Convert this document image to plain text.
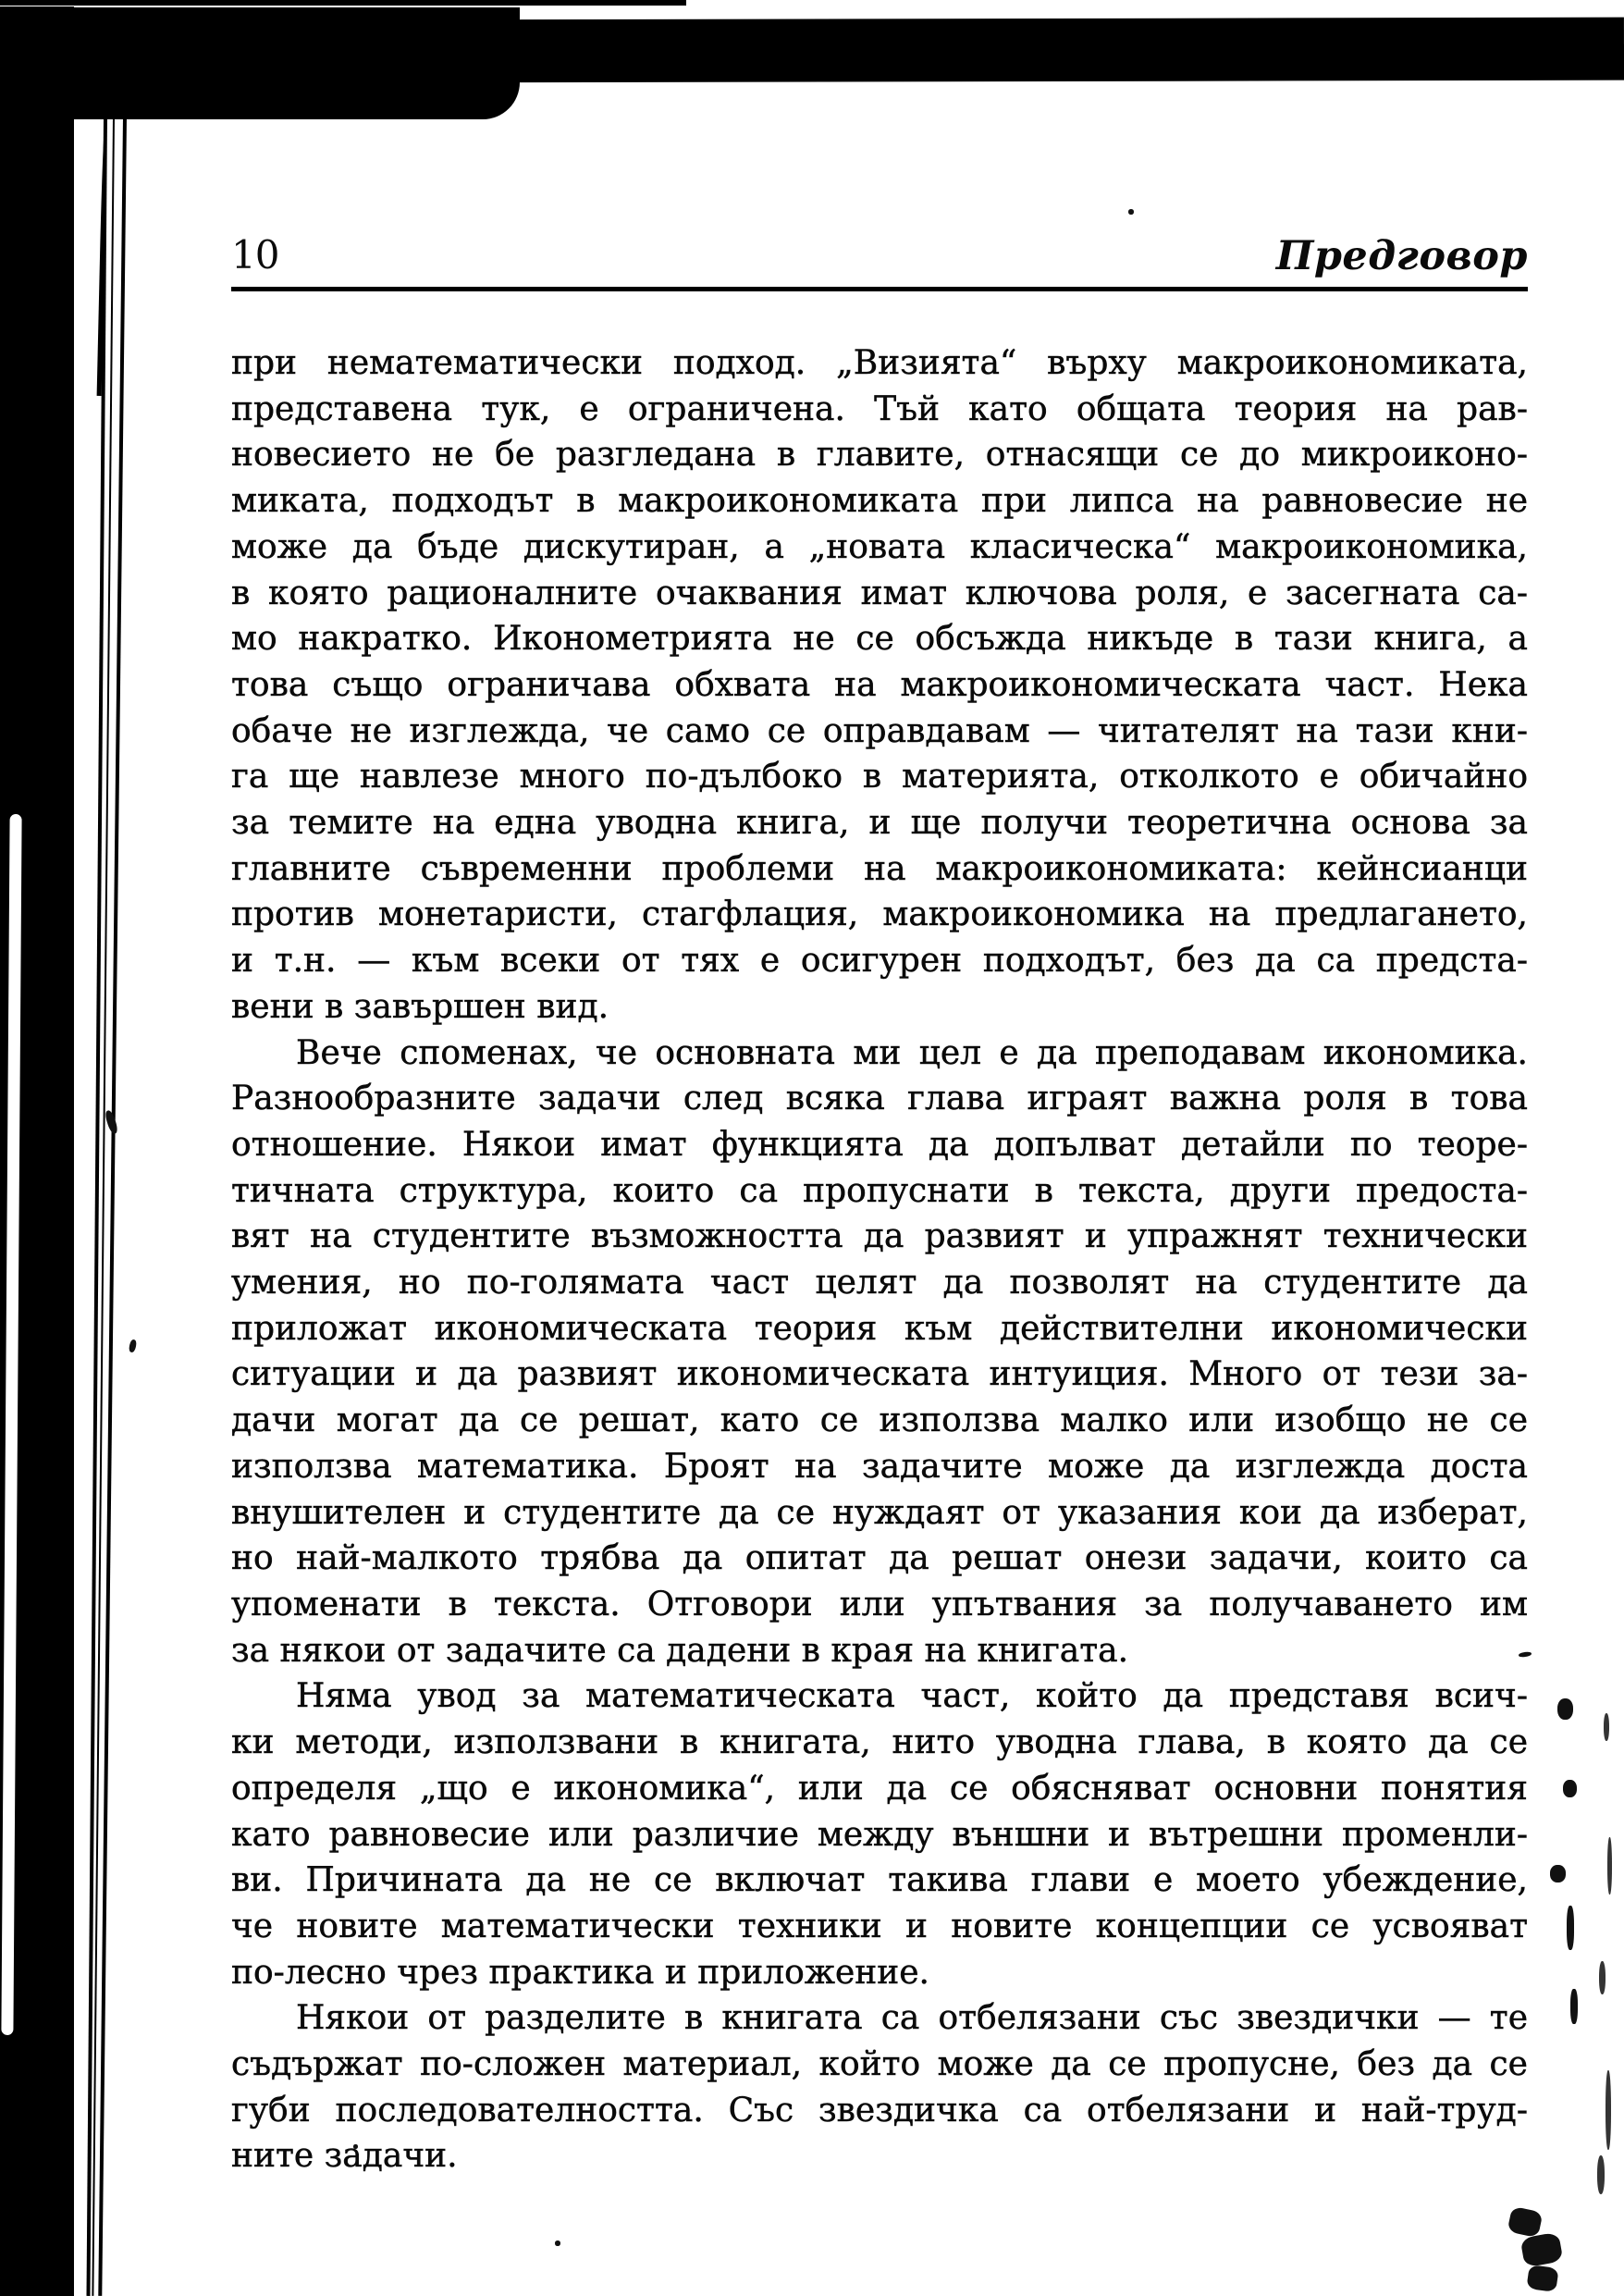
10	Предговор
при нематематически подход. „Визията“ върху макроикономиката,
представена тук, е ограничена. Тъй като общата теория на рав-
новесието не бе разгледана в главите, отнасящи се до микроиконо-
миката, подходът в макроикономиката при липса на равновесие не
може да бъде дискутиран, а „новата класическа“ макроикономика,
в която рационалните очаквания имат ключова роля, е засегната са-
мо накратко. Иконометрията не се обсъжда никъде в тази книга, а
това също ограничава обхвата на макроикономическата част. Нека
обаче не изглежда, че само се оправдавам — читателят на тази кни-
га ще навлезе много по-дълбоко в материята, отколкото е обичайно
за темите на една уводна книга, и ще получи теоретична основа за
главните съвременни проблеми на макроикономиката: кейнсианци
против монетаристи, стагфлация, макроикономика на предлагането,
и т.н. — към всеки от тях е осигурен подходът, без да са предста-
вени в завършен вид.
Вече споменах, че основната ми цел е да преподавам икономика.
Разнообразните задачи след всяка глава играят важна роля в това
отношение. Някои имат функцията да допълват детайли по теоре-
тичната структура, които са пропуснати в текста, други предоста-
вят на студентите възможността да развият и упражнят технически
умения, но по-голямата част целят да позволят на студентите да
приложат икономическата теория към действителни икономически
ситуации и да развият икономическата интуиция. Много от тези за-
дачи могат да се решат, като се използва малко или изобщо не се
използва математика. Броят на задачите може да изглежда доста
внушителен и студентите да се нуждаят от указания кои да изберат,
но най-малкото трябва да опитат да решат онези задачи, които са
упоменати в текста. Отговори или упътвания за получаването им
за някои от задачите са дадени в края на книгата.
Няма увод за математическата част, който да представя всич-
ки методи, използвани в книгата, нито уводна глава, в която да се
определя „що е икономика“, или да се обясняват основни понятия
като равновесие или различие между външни и вътрешни променли-
ви. Причината да не се включат такива глави е моето убеждение,
че новите математически техники и новите концепции се усвояват
по-лесно чрез практика и приложение.
Някои от разделите в книгата са отбелязани със звездички — те
съдържат по-сложен материал, който може да се пропусне, без да се
губи последователността. Със звездичка са отбелязани и най-труд-
ните задачи.
